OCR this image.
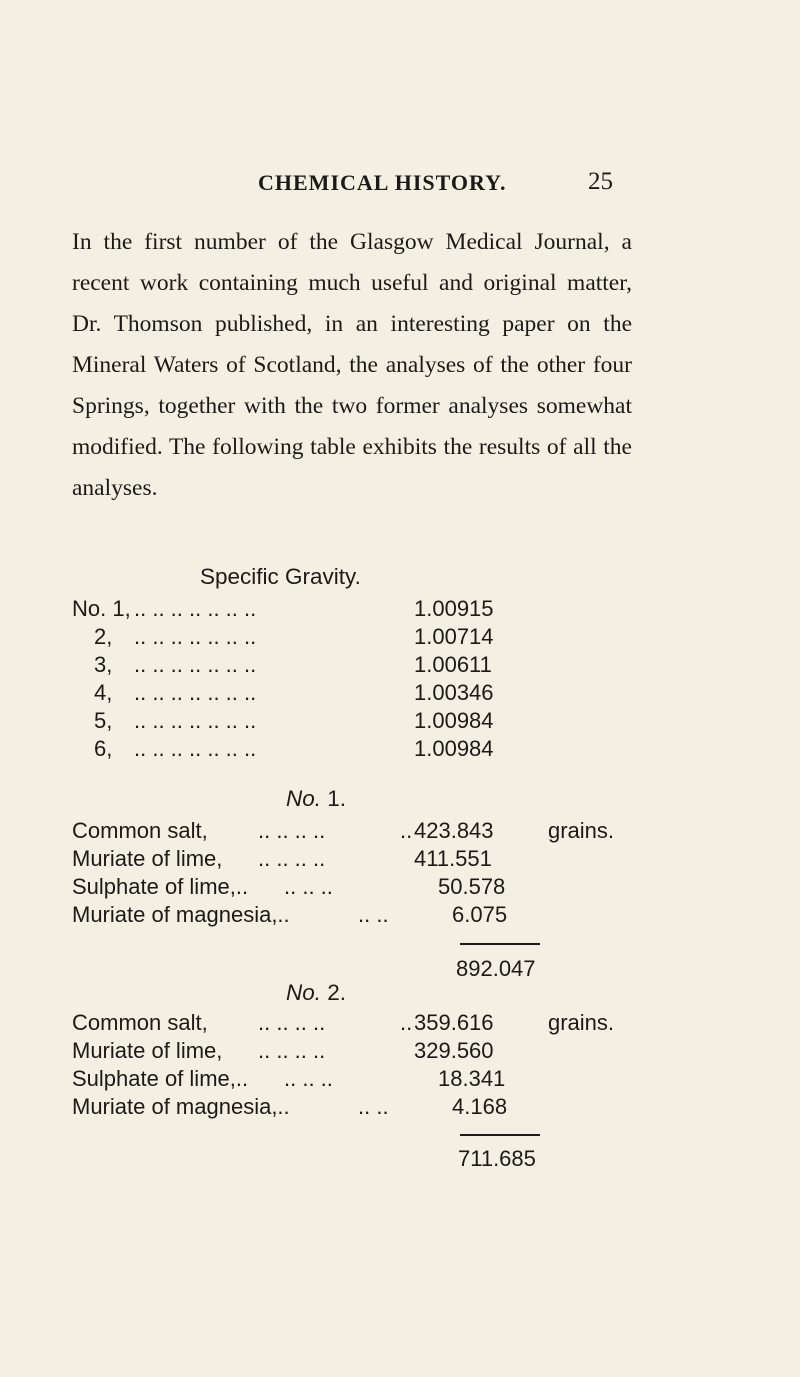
CHEMICAL HISTORY.	25

In the first number of the Glasgow Medical Journal, a recent work containing much useful and original matter, Dr. Thomson published, in an interesting paper on the Mineral Waters of Scotland, the analyses of the other four Springs, together with the two former analyses somewhat modified. The following table exhibits the results of all the analyses.

Specific Gravity.
No. 1, .. .. .. .. .. .. ..	1.00915
2, .. .. .. .. .. .. ..	1.00714
3, .. .. .. .. .. .. ..	1.00611
4, .. .. .. .. .. .. ..	1.00346
5, .. .. .. .. .. .. ..	1.00984
6, .. .. .. .. .. .. ..	1.00984
No. 1.
Common salt, .. .. .. ..	.. 423.843 grains.
Muriate of lime, .. .. .. ..	411.551
Sulphate of lime,.. .. .. ..	50.578
Muriate of magnesia,..	.. ..	6.075
892.047
No. 2.
Common salt, .. .. .. ..	.. 359.616 grains.
Muriate of lime, .. .. .. ..	329.560
Sulphate of lime,.. .. .. ..	18.341
Muriate of magnesia,..	.. ..	4.168
711.685
